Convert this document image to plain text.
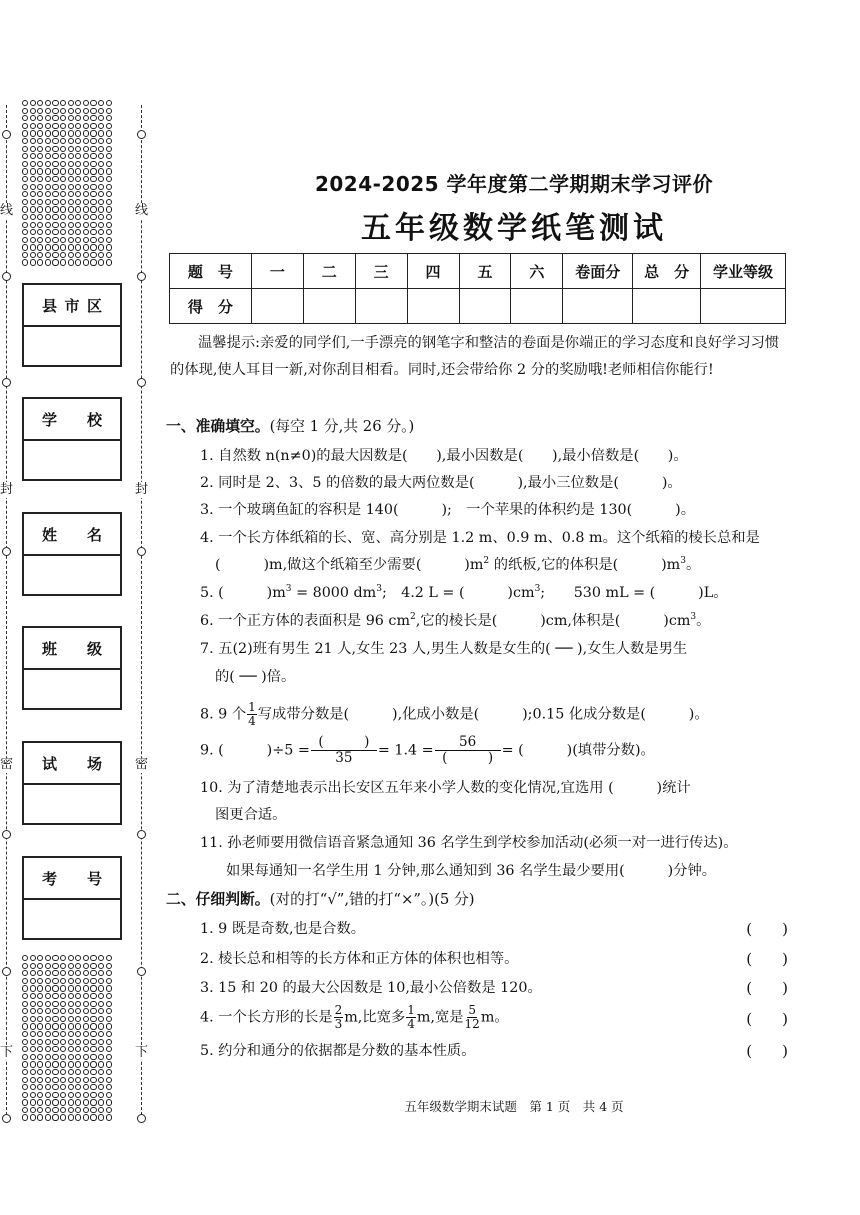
线
封
密
下
线
封
密
下
县 市 区
学 校
姓 名
班 级
试 场
考 号
2024-2025 学年度第二学期期末学习评价
五年级数学纸笔测试
题　号	一	二	三	四	五	六	卷面分	总　分	学业等级
得　分									
温馨提示:亲爱的同学们,一手漂亮的钢笔字和整洁的卷面是你端正的学习态度和良好学习习惯的体现,使人耳目一新,对你刮目相看。同时,还会带给你 2 分的奖励哦!老师相信你能行!
一、准确填空。(每空 1 分,共 26 分。)
1. 自然数 n(n≠0)的最大因数是(　　),最小因数是(　　),最小倍数是(　　)。
2. 同时是 2、3、5 的倍数的最大两位数是(　　　),最小三位数是(　　　)。
3. 一个玻璃鱼缸的容积是 140(　　　);　一个苹果的体积约是 130(　　　)。
4. 一个长方体纸箱的长、宽、高分别是 1.2 m、0.9 m、0.8 m。这个纸箱的棱长总和是
(　　　)m,做这个纸箱至少需要(　　　)$m^2$ 的纸板,它的体积是(　　　)$m^3$。
5. (　　　)$m^3 = 8000$ $dm^3$;　4.2 L = (　　　)$cm^3$;　　530 mL = (　　　)L。
6. 一个正方体的表面积是 96 $cm^2$,它的棱长是(　　　)cm,体积是(　　　)$cm^3$。
7. 五(2)班有男生 21 人,女生 23 人,男生人数是女生的( ── ),女生人数是男生
的( ── )倍。
8. 9 个 $\frac{1}{4}$ 写成带分数是(　　　),化成小数是(　　　);0.15 化成分数是(　　　)。
9. (　　　)$\div 5 = \frac{( )}{35} = 1.4 = \frac{56}{( )}$ = (　　　)(填带分数)。
10. 为了清楚地表示出长安区五年来小学人数的变化情况,宜选用 (　　　)统计
图更合适。
11. 孙老师要用微信语音紧急通知 36 名学生到学校参加活动(必须一对一进行传达)。
如果每通知一名学生用 1 分钟,那么通知到 36 名学生最少要用(　　　)分钟。
二、仔细判断。(对的打“√”,错的打“×”。)(5 分)
1. 9 既是奇数,也是合数。	(　　)
2. 棱长总和相等的长方体和正方体的体积也相等。	(　　)
3. 15 和 20 的最大公因数是 10,最小公倍数是 120。	(　　)
4. 一个长方形的长是 $\frac{2}{3} m$,比宽多 $\frac{1}{4} m$,宽是 $\frac{5}{12}$ m。	(　　)
5. 约分和通分的依据都是分数的基本性质。	(　　)
五年级数学期末试题　第 1 页　共 4 页
